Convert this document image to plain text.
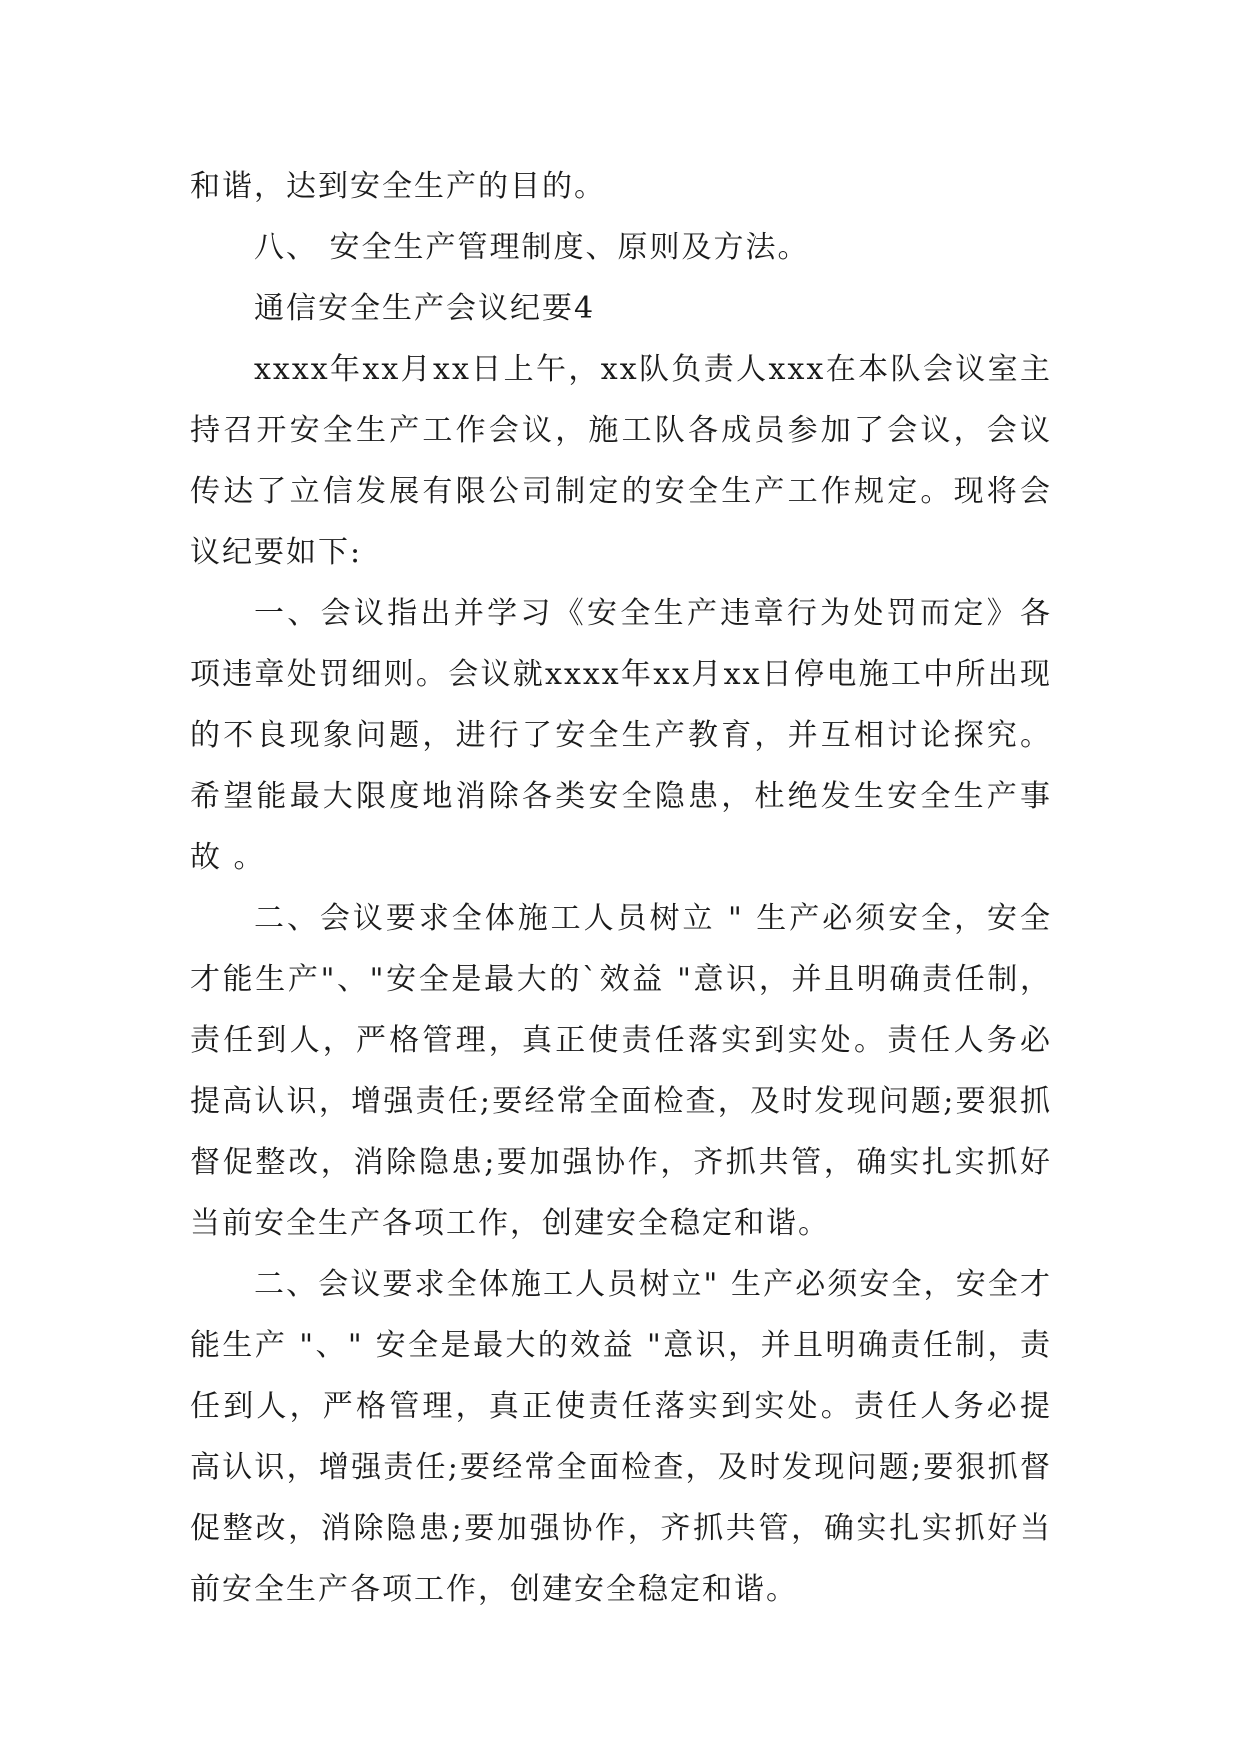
和谐，达到安全生产的目的。

八、 安全生产管理制度、原则及方法。

通信安全生产会议纪要4

xxxx年xx月xx日上午，xx队负责人xxx在本队会议室主持召开安全生产工作会议，施工队各成员参加了会议，会议传达了立信发展有限公司制定的安全生产工作规定。现将会议纪要如下:

一、会议指出并学习《安全生产违章行为处罚而定》各项违章处罚细则。会议就xxxx年xx月xx日停电施工中所出现的不良现象问题，进行了安全生产教育，并互相讨论探究。希望能最大限度地消除各类安全隐患，杜绝发生安全生产事故 。

二、会议要求全体施工人员树立 " 生产必须安全，安全才能生产"、"安全是最大的`效益 "意识，并且明确责任制，责任到人，严格管理，真正使责任落实到实处。责任人务必提高认识，增强责任;要经常全面检查，及时发现问题;要狠抓督促整改，消除隐患;要加强协作，齐抓共管，确实扎实抓好当前安全生产各项工作，创建安全稳定和谐。

二、会议要求全体施工人员树立" 生产必须安全，安全才能生产 "、" 安全是最大的效益 "意识，并且明确责任制，责任到人，严格管理，真正使责任落实到实处。责任人务必提高认识，增强责任;要经常全面检查，及时发现问题;要狠抓督促整改，消除隐患;要加强协作，齐抓共管，确实扎实抓好当前安全生产各项工作，创建安全稳定和谐。
